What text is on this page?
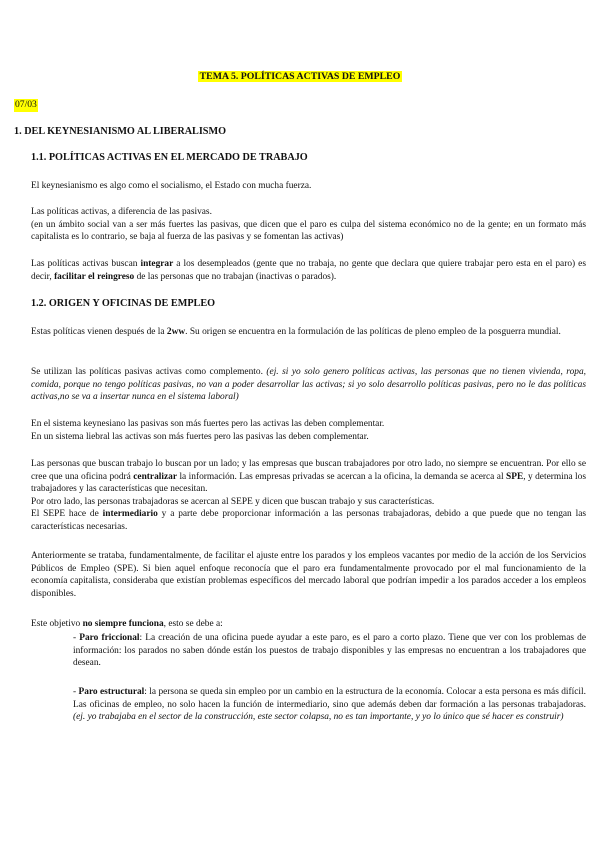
TEMA 5. POLÍTICAS ACTIVAS DE EMPLEO
07/03
1. DEL KEYNESIANISMO AL LIBERALISMO
1.1. POLÍTICAS ACTIVAS EN EL MERCADO DE TRABAJO

El keynesianismo es algo como el socialismo, el Estado con mucha fuerza.

Las políticas activas, a diferencia de las pasivas.

(en un ámbito social van a ser más fuertes las pasivas, que dicen que el paro es culpa del sistema económico no de la gente; en un formato más capitalista es lo contrario, se baja al fuerza de las pasivas y se fomentan las activas)

Las políticas activas buscan integrar a los desempleados (gente que no trabaja, no gente que declara que quiere trabajar pero esta en el paro) es decir, facilitar el reingreso de las personas que no trabajan (inactivas o parados).

1.2. ORIGEN Y OFICINAS DE EMPLEO

Estas políticas vienen después de la 2ww. Su origen se encuentra en la formulación de las políticas de pleno empleo de la posguerra mundial.

Se utilizan las políticas pasivas activas como complemento. (ej. si yo solo genero políticas activas, las personas que no tienen vivienda, ropa, comida, porque no tengo políticas pasivas, no van a poder desarrollar las activas; si yo solo desarrollo políticas pasivas, pero no le das políticas activas,no se va a insertar nunca en el sistema laboral)

En el sistema keynesiano las pasivas son más fuertes pero las activas las deben complementar.

En un sistema liebral las activas son más fuertes pero las pasivas las deben complementar.

Las personas que buscan trabajo lo buscan por un lado; y las empresas que buscan trabajadores por otro lado, no siempre se encuentran. Por ello se cree que una oficina podrá centralizar la información. Las empresas privadas se acercan a la oficina, la demanda se acerca al SPE, y determina los trabajadores y las características que necesitan.

Por otro lado, las personas trabajadoras se acercan al SEPE y dicen que buscan trabajo y sus características.

El SEPE hace de intermediario y a parte debe proporcionar información a las personas trabajadoras, debido a que puede que no tengan las características necesarias.

Anteriormente se trataba, fundamentalmente, de facilitar el ajuste entre los parados y los empleos vacantes por medio de la acción de los Servicios Públicos de Empleo (SPE). Si bien aquel enfoque reconocía que el paro era fundamentalmente provocado por el mal funcionamiento de la economía capitalista, consideraba que existían problemas específicos del mercado laboral que podrían impedir a los parados acceder a los empleos disponibles.

Este objetivo no siempre funciona, esto se debe a:

- Paro friccional: La creación de una oficina puede ayudar a este paro, es el paro a corto plazo. Tiene que ver con los problemas de información: los parados no saben dónde están los puestos de trabajo disponibles y las empresas no encuentran a los trabajadores que desean.

- Paro estructural: la persona se queda sin empleo por un cambio en la estructura de la economía. Colocar a esta persona es más difícil. Las oficinas de empleo, no solo hacen la función de intermediario, sino que además deben dar formación a las personas trabajadoras. (ej. yo trabajaba en el sector de la construcción, este sector colapsa, no es tan importante, y yo lo único que sé hacer es construir)
